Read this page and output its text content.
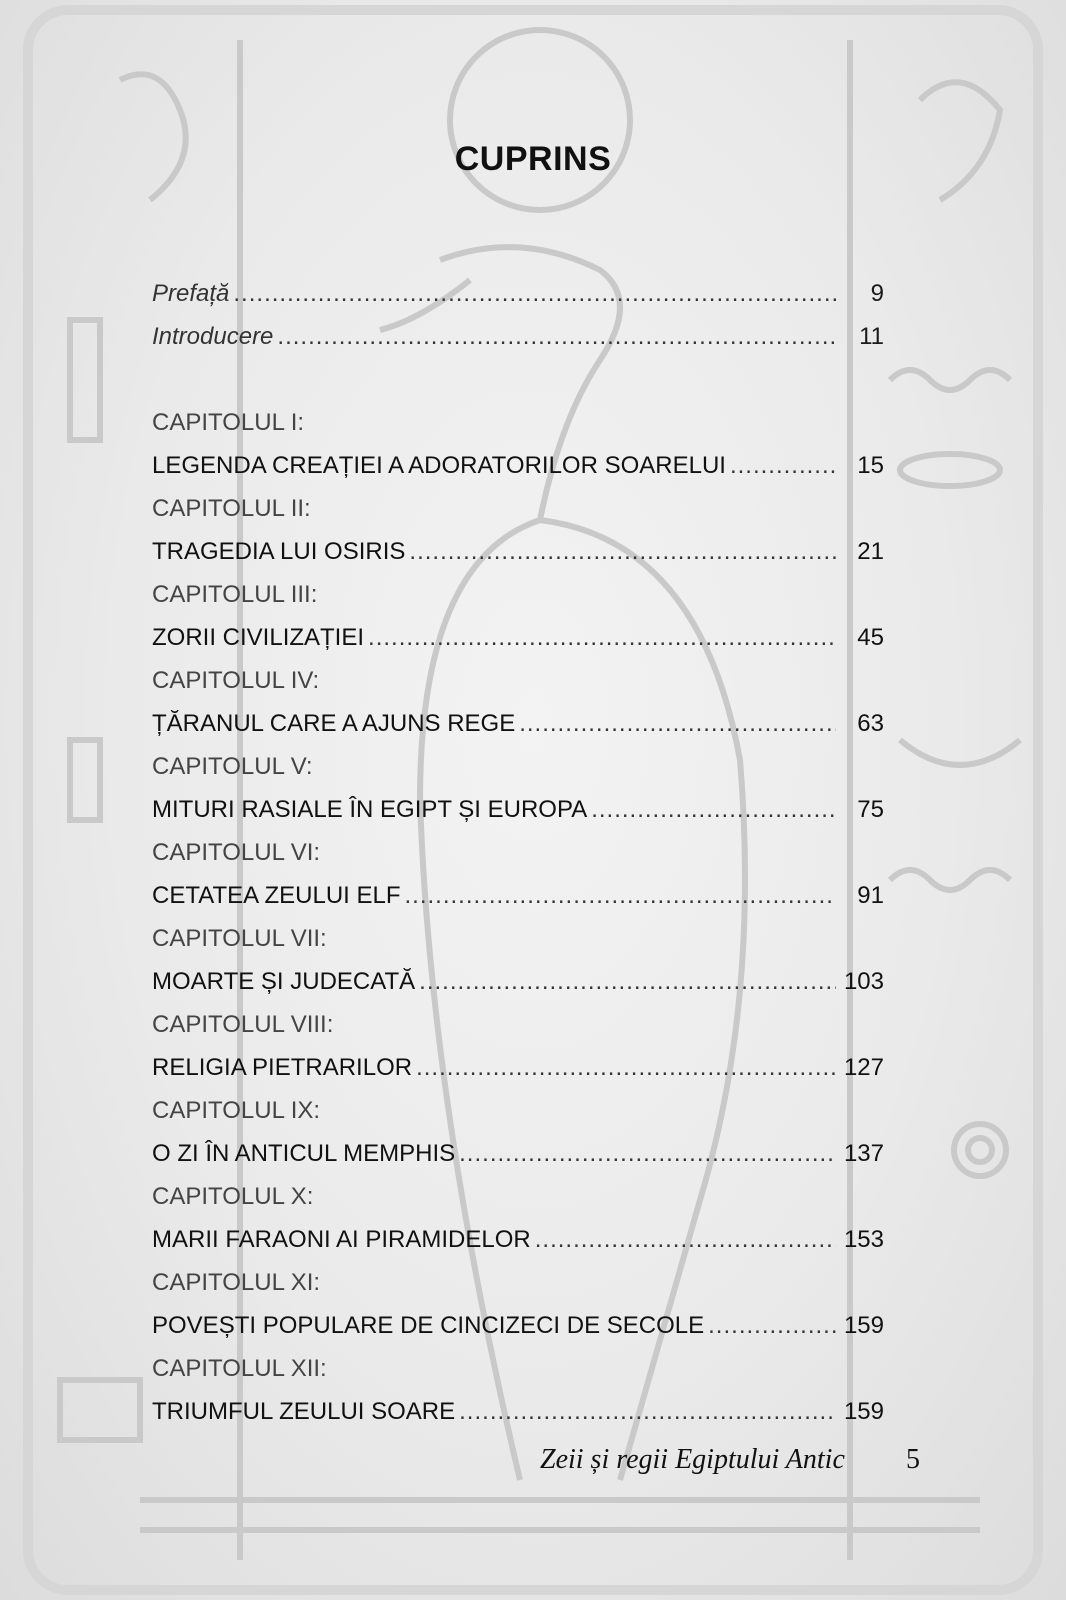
CUPRINS
Prefață .....	9
Introducere .....	11
CAPITOLUL I:
LEGENDA CREAȚIEI A ADORATORILOR SOARELUI .....	15
CAPITOLUL II:
TRAGEDIA LUI OSIRIS .....	21
CAPITOLUL III:
ZORII CIVILIZAȚIEI .....	45
CAPITOLUL IV:
ȚĂRANUL CARE A AJUNS REGE .....	63
CAPITOLUL V:
MITURI RASIALE ÎN EGIPT ȘI EUROPA .....	75
CAPITOLUL VI:
CETATEA ZEULUI ELF .....	91
CAPITOLUL VII:
MOARTE ȘI JUDECATĂ .....	103
CAPITOLUL VIII:
RELIGIA PIETRARILOR .....	127
CAPITOLUL IX:
O ZI ÎN ANTICUL MEMPHIS .....	137
CAPITOLUL X:
MARII FARAONI AI PIRAMIDELOR .....	153
CAPITOLUL XI:
POVEȘTI POPULARE DE CINCIZECI DE SECOLE .....	159
CAPITOLUL XII:
TRIUMFUL ZEULUI SOARE .....	159
Zeii și regii Egiptului Antic 5
